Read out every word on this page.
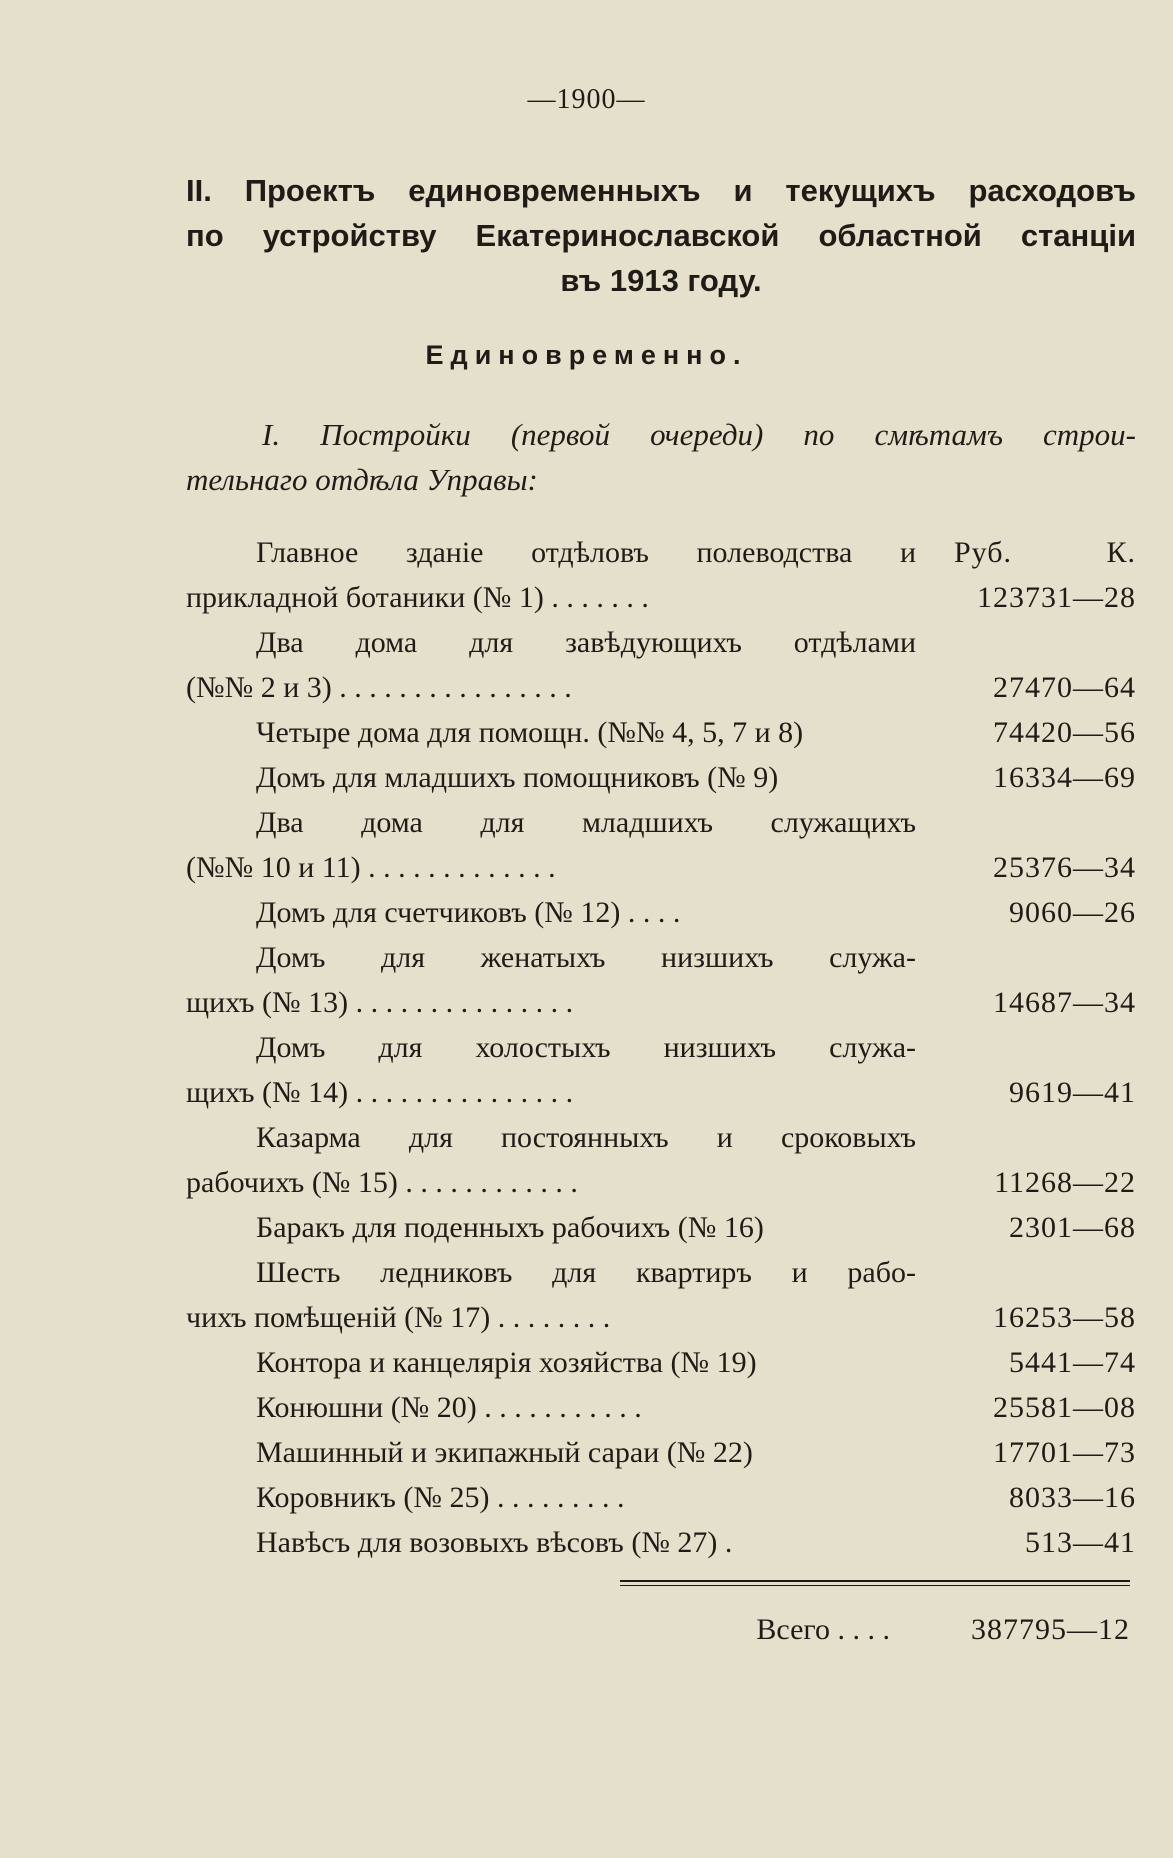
—1900—
II. Проектъ единовременныхъ и текущихъ расходовъ
по устройству Екатеринославской областной станціи
въ 1913 году.
Единовременно.
I. Постройки (первой очереди) по смѣтамъ строи-
тельнаго отдѣла Управы:
Главное зданіе отдѣловъ полеводства и Руб.	К.
прикладной ботаники (№ 1) . . . . . . .	123731—28
Два дома для завѣдующихъ отдѣлами
(№№ 2 и 3) . . . . . . . . . . . . . . . .	27470—64
Четыре дома для помощн. (№№ 4, 5, 7 и 8)	74420—56
Домъ для младшихъ помощниковъ (№ 9)	16334—69
Два дома для младшихъ служащихъ
(№№ 10 и 11) . . . . . . . . . . . . .	25376—34
Домъ для счетчиковъ (№ 12) . . . .	9060—26
Домъ для женатыхъ низшихъ служа-
щихъ (№ 13) . . . . . . . . . . . . . . .	14687—34
Домъ для холостыхъ низшихъ служа-
щихъ (№ 14) . . . . . . . . . . . . . . .	9619—41
Казарма для постоянныхъ и сроковыхъ
рабочихъ (№ 15) . . . . . . . . . . . .	11268—22
Баракъ для поденныхъ рабочихъ (№ 16)	2301—68
Шесть ледниковъ для квартиръ и рабо-
чихъ помѣщеній (№ 17) . . . . . . . .	16253—58
Контора и канцелярія хозяйства (№ 19)	5441—74
Конюшни (№ 20) . . . . . . . . . . .	25581—08
Машинный и экипажный сараи (№ 22)	17701—73
Коровникъ (№ 25) . . . . . . . . .	8033—16
Навѣсъ для возовыхъ вѣсовъ (№ 27) .	513—41
Всего . . . .	387795—12
